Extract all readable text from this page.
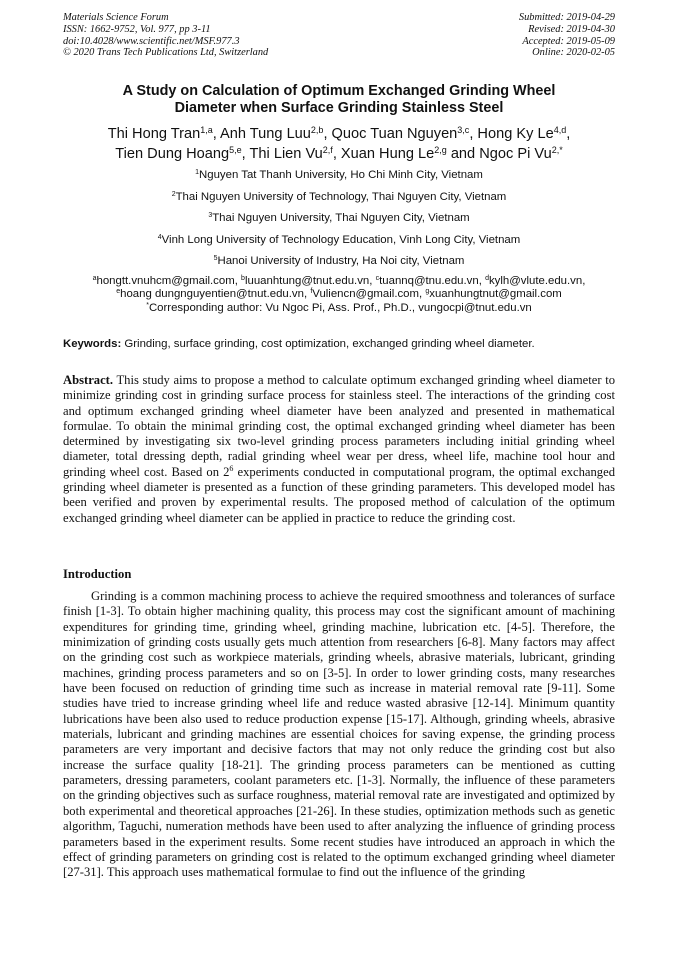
Materials Science Forum
ISSN: 1662-9752, Vol. 977, pp 3-11
doi:10.4028/www.scientific.net/MSF.977.3
© 2020 Trans Tech Publications Ltd, Switzerland
Submitted: 2019-04-29
Revised: 2019-04-30
Accepted: 2019-05-09
Online: 2020-02-05
A Study on Calculation of Optimum Exchanged Grinding Wheel
Diameter when Surface Grinding Stainless Steel
Thi Hong Tran$^{1,a}$, Anh Tung Luu$^{2,b}$, Quoc Tuan Nguyen$^{3,c}$, Hong Ky Le$^{4,d}$,
Tien Dung Hoang$^{5,e}$, Thi Lien Vu$^{2,f}$, Xuan Hung Le$^{2,g}$ and Ngoc Pi $Vu^{2,*}$
$^1$Nguyen Tat Thanh University, Ho Chi Minh City, Vietnam
$^2$Thai Nguyen University of Technology, Thai Nguyen City, Vietnam
$^3$Thai Nguyen University, Thai Nguyen City, Vietnam
$^4$Vinh Long University of Technology Education, Vinh Long City, Vietnam
$^5$Hanoi University of Industry, Ha Noi city, Vietnam
$^a$hongtt.vnuhcm@gmail.com, $^b$luuanhtung@tnut.edu.vn, $^c$tuannq@tnu.edu.vn, $^d$kylh@vlute.edu.vn,
$^e$hoang dungnguyentien@tnut.edu.vn, $^f$Vuliencn@gmail.com, $^g$xuanhungtnut@gmail.com
*Corresponding author: Vu Ngoc Pi, Ass. Prof., Ph.D., vungocpi@tnut.edu.vn
Keywords: Grinding, surface grinding, cost optimization, exchanged grinding wheel diameter.
Abstract. This study aims to propose a method to calculate optimum exchanged grinding wheel diameter to minimize grinding cost in grinding surface process for stainless steel. The interactions of the grinding cost and optimum exchanged grinding wheel diameter have been analyzed and presented in mathematical formulae. To obtain the minimal grinding cost, the optimal exchanged grinding wheel diameter has been determined by investigating six two-level grinding process parameters including initial grinding wheel diameter, total dressing depth, radial grinding wheel wear per dress, wheel life, machine tool hour and grinding wheel cost. Based on $2^6$ experiments conducted in computational program, the optimal exchanged grinding wheel diameter is presented as a function of these grinding parameters. This developed model has been verified and proven by experimental results. The proposed method of calculation of the optimum exchanged grinding wheel diameter can be applied in practice to reduce the grinding cost.
Introduction
Grinding is a common machining process to achieve the required smoothness and tolerances of surface finish [1-3]. To obtain higher machining quality, this process may cost the significant amount of machining expenditures for grinding time, grinding wheel, grinding machine, lubrication etc. [4-5]. Therefore, the minimization of grinding costs usually gets much attention from researchers [6-8]. Many factors may affect on the grinding cost such as workpiece materials, grinding wheels, abrasive materials, lubricant, grinding machines, grinding process parameters and so on [3-5]. In order to lower grinding costs, many researches have been focused on reduction of grinding time such as increase in material removal rate [9-11]. Some studies have tried to increase grinding wheel life and reduce wasted abrasive [12-14]. Minimum quantity lubrications have been also used to reduce production expense [15-17]. Although, grinding wheels, abrasive materials, lubricant and grinding machines are essential choices for saving expense, the grinding process parameters are very important and decisive factors that may not only reduce the grinding cost but also increase the surface quality [18-21]. The grinding process parameters can be mentioned as cutting parameters, dressing parameters, coolant parameters etc. [1-3]. Normally, the influence of these parameters on the grinding objectives such as surface roughness, material removal rate are investigated and optimized by both experimental and theoretical approaches [21-26]. In these studies, optimization methods such as genetic algorithm, Taguchi, numeration methods have been used to after analyzing the influence of grinding process parameters based in the experiment results. Some recent studies have introduced an approach in which the effect of grinding parameters on grinding cost is related to the optimum exchanged grinding wheel diameter [27-31]. This approach uses mathematical formulae to find out the influence of the grinding
